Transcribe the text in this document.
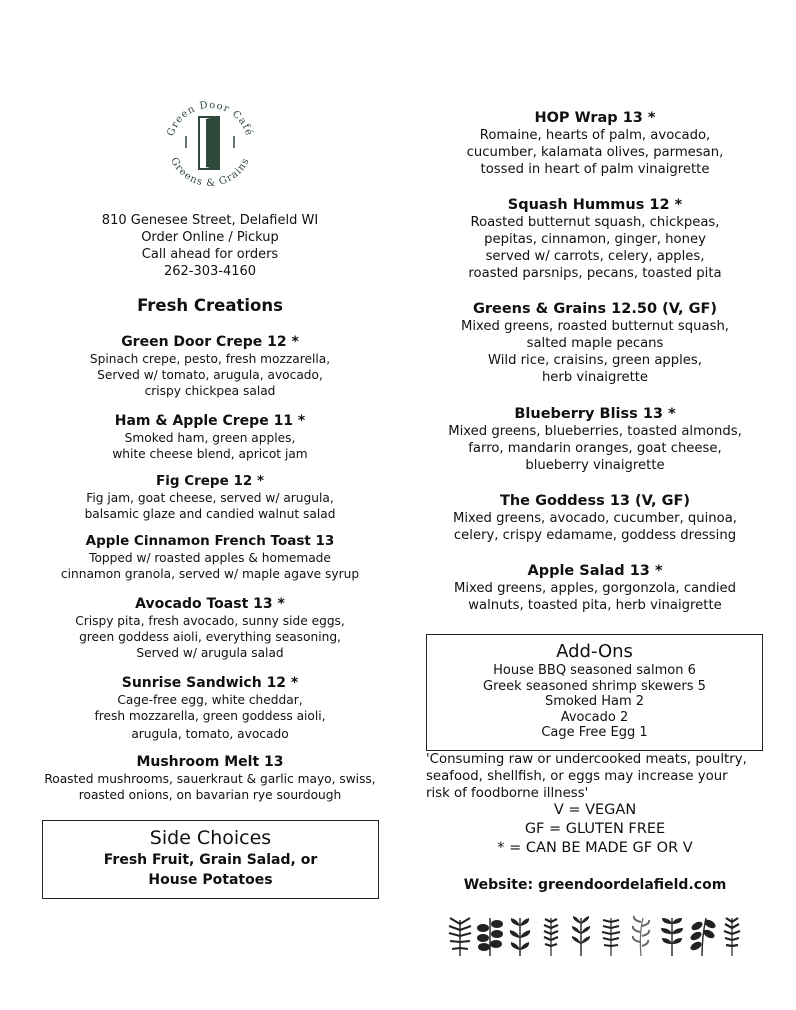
Green Door Café
Greens & Grains

810 Genesee Street, Delafield WI

Order Online / Pickup

Call ahead for orders

262-303-4160

Fresh Creations

Green Door Crepe 12 *

Spinach crepe, pesto, fresh mozzarella,

Served w/ tomato, arugula, avocado,

crispy chickpea salad

Ham & Apple Crepe 11 *

Smoked ham, green apples,

white cheese blend, apricot jam

Fig Crepe 12 *

Fig jam, goat cheese, served w/ arugula,

balsamic glaze and candied walnut salad

Apple Cinnamon French Toast 13

Topped w/ roasted apples & homemade

cinnamon granola, served w/ maple agave syrup

Avocado Toast 13 *

Crispy pita, fresh avocado, sunny side eggs,

green goddess aioli, everything seasoning,

Served w/ arugula salad

Sunrise Sandwich 12 *

Cage-free egg, white cheddar,

fresh mozzarella, green goddess aioli,

arugula, tomato, avocado

Mushroom Melt 13

Roasted mushrooms, sauerkraut & garlic mayo, swiss,

roasted onions, on bavarian rye sourdough

Side Choices
Fresh Fruit, Grain Salad, or
House Potatoes

HOP Wrap 13 *

Romaine, hearts of palm, avocado,

cucumber, kalamata olives, parmesan,

tossed in heart of palm vinaigrette

Squash Hummus 12 *

Roasted butternut squash, chickpeas,

pepitas, cinnamon, ginger, honey

served w/ carrots, celery, apples,

roasted parsnips, pecans, toasted pita

Greens & Grains 12.50 (V, GF)

Mixed greens, roasted butternut squash,

salted maple pecans

Wild rice, craisins, green apples,

herb vinaigrette

Blueberry Bliss 13 *

Mixed greens, blueberries, toasted almonds,

farro, mandarin oranges, goat cheese,

blueberry vinaigrette

The Goddess 13 (V, GF)

Mixed greens, avocado, cucumber, quinoa,

celery, crispy edamame, goddess dressing

Apple Salad 13 *

Mixed greens, apples, gorgonzola, candied

walnuts, toasted pita, herb vinaigrette

Add-Ons
House BBQ seasoned salmon 6
Greek seasoned shrimp skewers 5
Smoked Ham 2
Avocado 2
Cage Free Egg 1
'Consuming raw or undercooked meats, poultry,
seafood, shellfish, or eggs may increase your
risk of foodborne illness'
V = VEGAN
GF = GLUTEN FREE
* = CAN BE MADE GF OR V
Website: greendoordelafield.com
